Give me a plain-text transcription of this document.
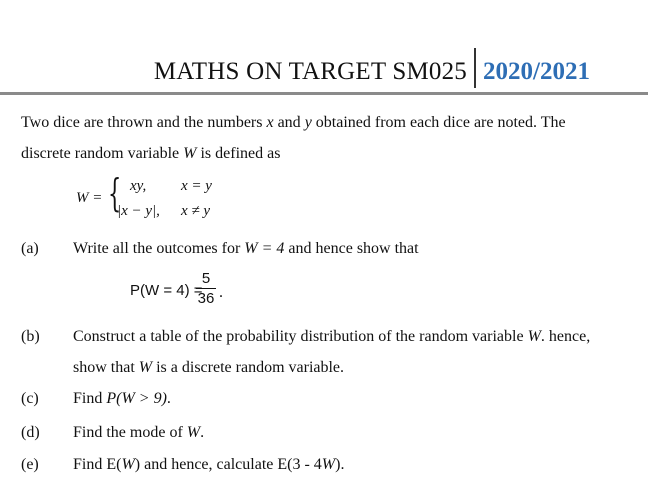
MATHS ON TARGET SM025 2020/2021
Two dice are thrown and the numbers x and y obtained from each dice are noted. The
discrete random variable W is defined as
W = { xy, x = y
|x − y|, x ≠ y
(a) Write all the outcomes for W = 4 and hence show that
P(W = 4) =
5
36 .
(b) Construct a table of the probability distribution of the random variable W. hence,
show that W is a discrete random variable.
(c) Find P(W > 9).
(d) Find the mode of W.
(e) Find E(W) and hence, calculate E(3 - 4W).
